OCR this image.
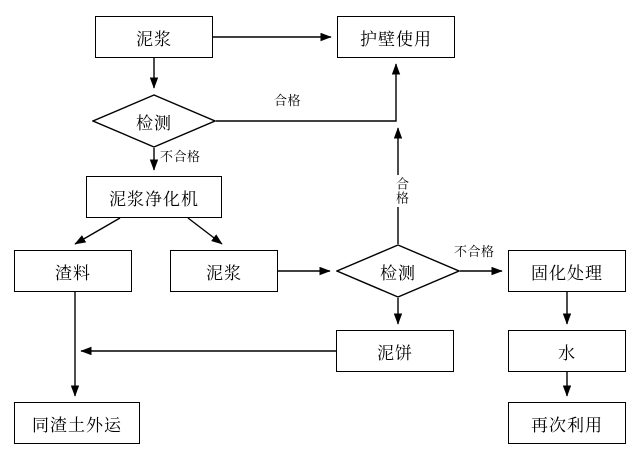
泥浆	护壁使用
检测
泥浆净化机
渣料	泥浆	检测	固化处理
泥饼	水
同渣土外运	再次利用
合格
不合格
合格
不合格
